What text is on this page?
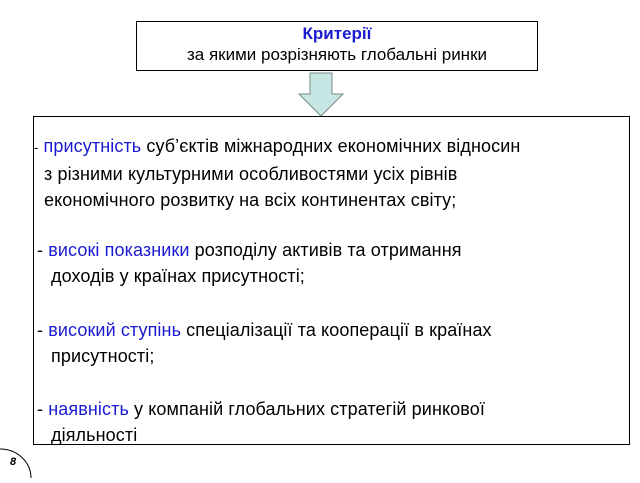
Критерії
за якими розрізняють глобальні ринки
- присутність суб’єктів міжнародних економічних відносин
з різними культурними особливостями усіх рівнів
економічного розвитку на всіх континентах світу;
- високі показники розподілу активів та отримання
доходів у країнах присутності;
- високий ступінь спеціалізації та кооперації в країнах
присутності;
- наявність у компаній глобальних стратегій ринкової
діяльності
8
